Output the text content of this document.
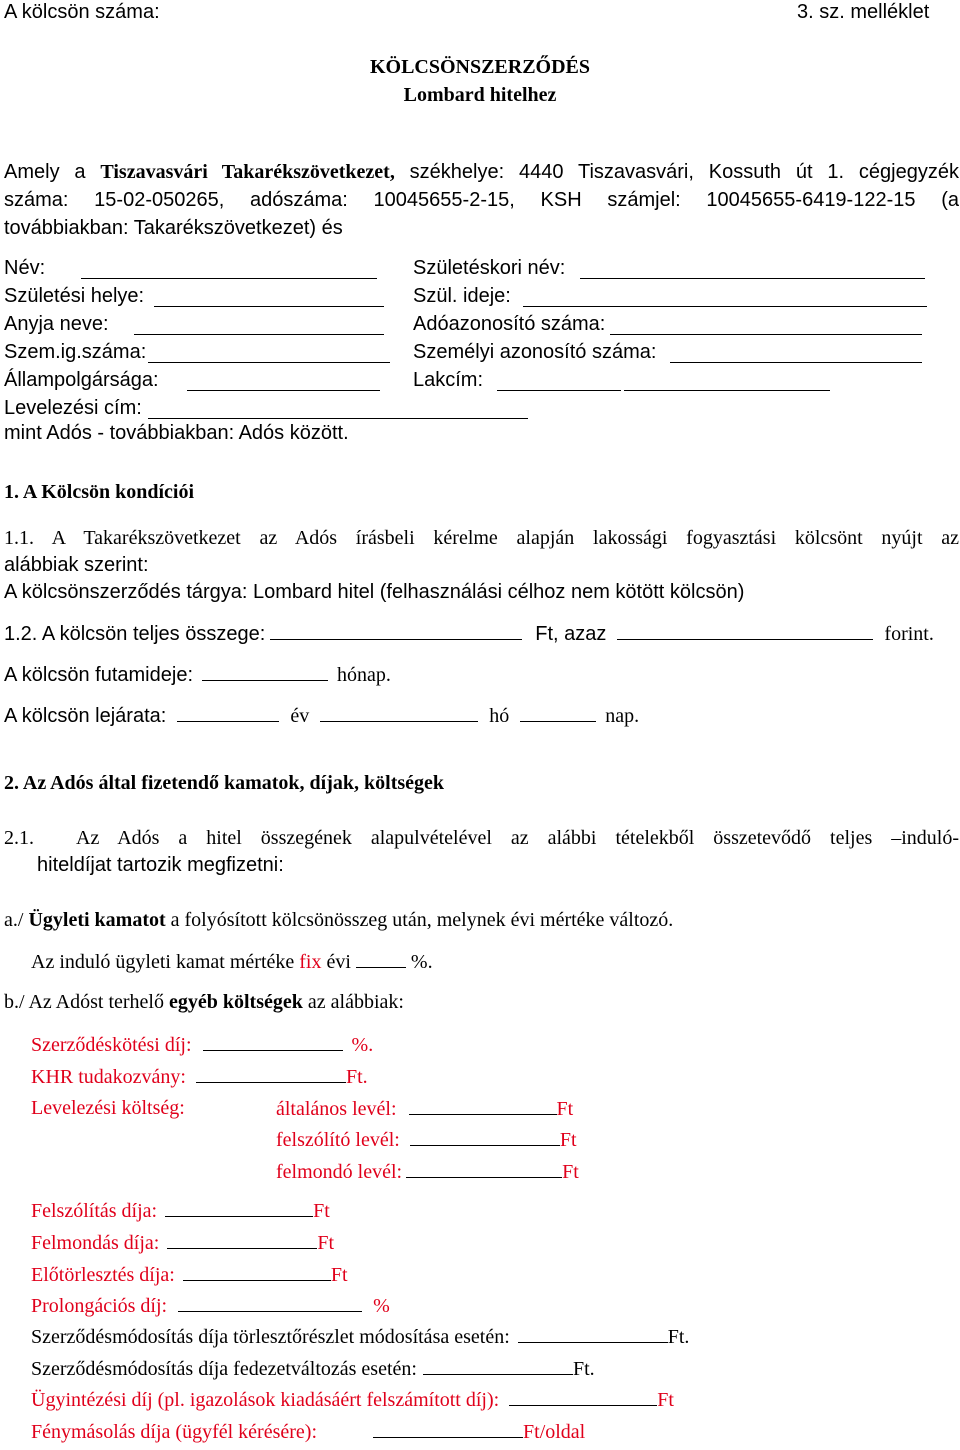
A kölcsön száma:	3. sz. melléklet
KÖLCSÖNSZERZŐDÉS
Lombard hitelhez
Amely a Tiszavasvári Takarékszövetkezet, székhelye: 4440 Tiszavasvári, Kossuth út 1. cégjegyzék
száma: 15-02-050265, adószáma: 10045655-2-15, KSH számjel: 10045655-6419-122-15 (a
továbbiakban: Takarékszövetkezet) és
Név:	Születéskori név:
Születési helye:	Szül. ideje:
Anyja neve:	Adóazonosító száma:
Szem.ig.száma:	Személyi azonosító száma:
Állampolgársága:	Lakcím:
Levelezési cím:
mint Adós - továbbiakban: Adós között.
1. A Kölcsön kondíciói
1.1. A Takarékszövetkezet az Adós írásbeli kérelme alapján lakossági fogyasztási kölcsönt nyújt az
alábbiak szerint:
A kölcsönszerződés tárgya: Lombard hitel (felhasználási célhoz nem kötött kölcsön)
1.2. A kölcsön teljes összege:	Ft, azaz	forint.
A kölcsön futamideje:	hónap.
A kölcsön lejárata:	év	hó	nap.
2. Az Adós által fizetendő kamatok, díjak, költségek
2.1. Az Adós a hitel összegének alapulvételével az alábbi tételekből összetevődő teljes –induló-
hiteldíjat tartozik megfizetni:
a./ Ügyleti kamatot a folyósított kölcsönösszeg után, melynek évi mértéke változó.
Az induló ügyleti kamat mértéke fix évi	%.
b./ Az Adóst terhelő egyéb költségek az alábbiak:
Szerződéskötési díj:	%.
KHR tudakozvány:	Ft.
Levelezési költség:	általános levél:	Ft
felszólító levél:	Ft
felmondó levél:	Ft
Felszólítás díja:	Ft
Felmondás díja:	Ft
Előtörlesztés díja:	Ft
Prolongációs díj:	%
Szerződésmódosítás díja törlesztőrészlet módosítása esetén:	Ft.
Szerződésmódosítás díja fedezetváltozás esetén:	Ft.
Ügyintézési díj (pl. igazolások kiadásáért felszámított díj):	Ft
Fénymásolás díja (ügyfél kérésére):	Ft/oldal
